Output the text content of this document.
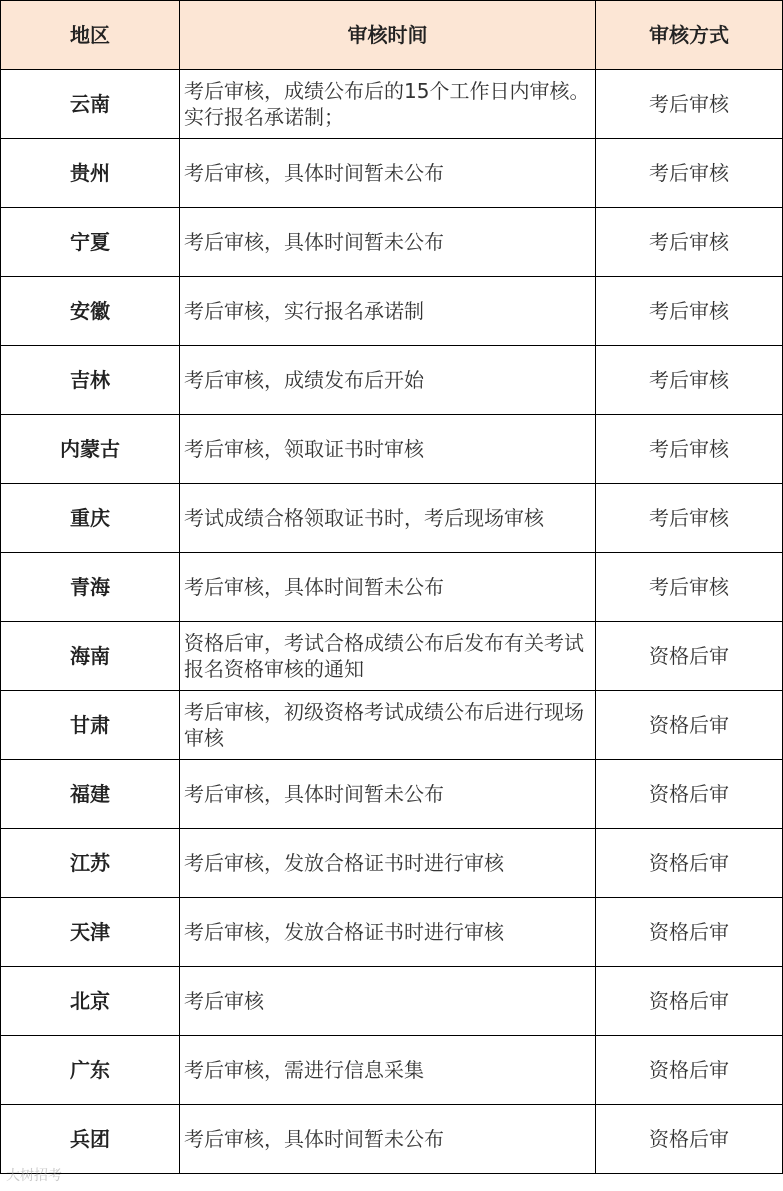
地区	审核时间	审核方式
云南	考后审核，成绩公布后的15个工作日内审核。实行报名承诺制；	考后审核
贵州	考后审核，具体时间暂未公布	考后审核
宁夏	考后审核，具体时间暂未公布	考后审核
安徽	考后审核，实行报名承诺制	考后审核
吉林	考后审核，成绩发布后开始	考后审核
内蒙古	考后审核，领取证书时审核	考后审核
重庆	考试成绩合格领取证书时，考后现场审核	考后审核
青海	考后审核，具体时间暂未公布	考后审核
海南	资格后审，考试合格成绩公布后发布有关考试报名资格审核的通知	资格后审
甘肃	考后审核，初级资格考试成绩公布后进行现场审核	资格后审
福建	考后审核，具体时间暂未公布	资格后审
江苏	考后审核，发放合格证书时进行审核	资格后审
天津	考后审核，发放合格证书时进行审核	资格后审
北京	考后审核	资格后审
广东	考后审核，需进行信息采集	资格后审
兵团	考后审核，具体时间暂未公布	资格后审
大树招考
